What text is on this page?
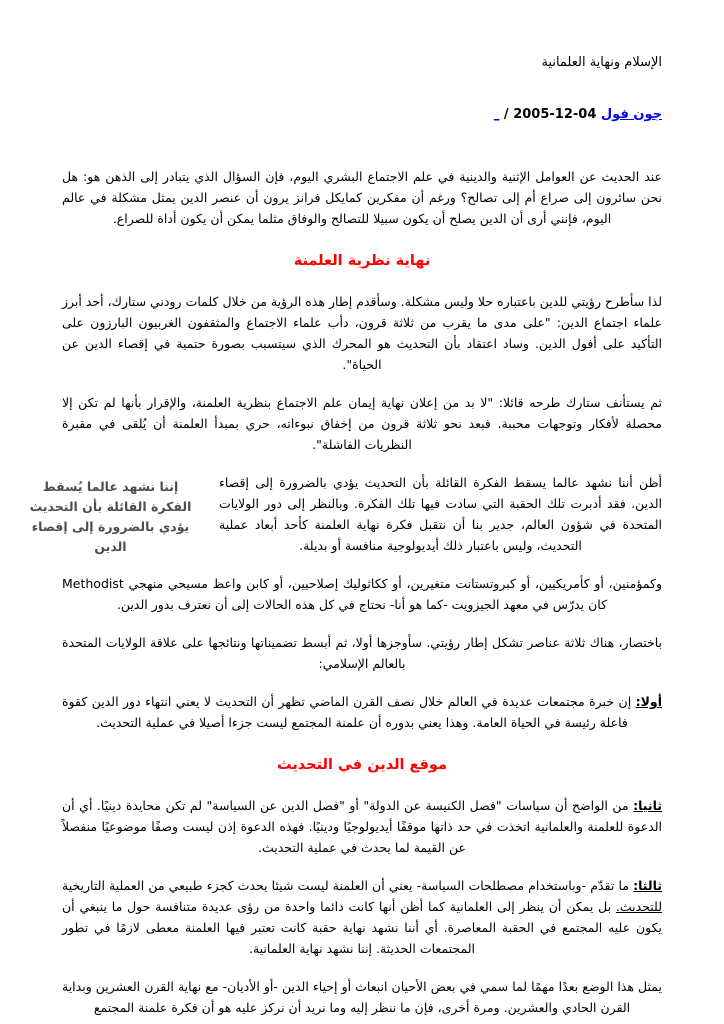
الإسلام ونهاية العلمانية
جون فول 04-12-2005 / _

عند الحديث عن العوامل الإثنية والدينية في علم الاجتماع البشري اليوم، فإن السؤال الذي يتبادر إلى الذهن هو: هل نحن سائرون إلى صراع أم إلى تصالح؟ ورغم أن مفكرين كمايكل فرانز يرون أن عنصر الدين يمثل مشكلة في عالم اليوم، فإنني أرى أن الدين يصلح أن يكون سبيلا للتصالح والوفاق مثلما يمكن أن يكون أداة للصراع.

نهاية نظرية العلمنة

لذا سأطرح رؤيتي للدين باعتباره حلا وليس مشكلة. وسأقدم إطار هذه الرؤية من خلال كلمات رودني ستارك، أحد أبرز علماء اجتماع الدين: "على مدى ما يقرب من ثلاثة قرون، دأب علماء الاجتماع والمثقفون الغربيون البارزون على التأكيد على أفول الدين. وساد اعتقاد بأن التحديث هو المحرك الذي سيتسبب بصورة حتمية في إقصاء الدين عن الحياة".

ثم يستأنف ستارك طرحه قائلا: "لا بد من إعلان نهاية إيمان علم الاجتماع بنظرية العلمنة، والإقرار بأنها لم تكن إلا محصلة لأفكار وتوجهات محببة. فبعد نحو ثلاثة قرون من إخفاق نبوءاته، حري بمبدأ العلمنة أن يُلقى في مقبرة النظريات الفاشلة".

إننا نشهد عالما يُسقط الفكرة القائلة بأن التحديث يؤدي بالضرورة إلى إقصاء الدين

أظن أننا نشهد عالما يسقط الفكرة القائلة بأن التحديث يؤدي بالضرورة إلى إقصاء الدين. فقد أدبرت تلك الحقبة التي سادت فيها تلك الفكرة. وبالنظر إلى دور الولايات المتحدة في شؤون العالم، جدير بنا أن نتقبل فكرة نهاية العلمنة كأحد أبعاد عملية التحديث، وليس باعتبار ذلك أيديولوجية منافسة أو بديلة.

وكمؤمنين، أو كأمريكيين، أو كبروتستانت متغيرين، أو ككاثوليك إصلاحيين، أو كابن واعظ مسيحي منهجي Methodist كان يدرّس في معهد الجيزويت -كما هو أنا- نحتاج في كل هذه الحالات إلى أن نعترف بدور الدين.

باختصار، هناك ثلاثة عناصر تشكل إطار رؤيتي. سأوجزها أولا، ثم أبسط تضميناتها ونتائجها على علاقة الولايات المتحدة بالعالم الإسلامي:

أولا: إن خبرة مجتمعات عديدة في العالم خلال نصف القرن الماضي تظهر أن التحديث لا يعني انتهاء دور الدين كقوة فاعلة رئيسة في الحياة العامة. وهذا يعني بدوره أن علمنة المجتمع ليست جزءا أصيلا في عملية التحديث.

موقع الدين في التحديث

ثانيا: من الواضح أن سياسات "فصل الكنيسة عن الدولة" أو "فصل الدين عن السياسة" لم تكن محايدة دينيًا. أي أن الدعوة للعلمنة والعلمانية اتخذت في حد ذاتها موقفًا أيديولوجيًا ودينيًا. فهذه الدعوة إذن ليست وصفًا موضوعيًا منفصلاً عن القيمة لما يحدث في عملية التحديث.

ثالثا: ما تقدّم -وباستخدام مصطلحات السياسة- يعني أن العلمنة ليست شيئا يحدث كجزء طبيعي من العملية التاريخية للتحديث. بل يمكن أن ينظر إلى العلمانية كما أظن أنها كانت دائما واحدة من رؤى عديدة متنافسة حول ما ينبغي أن يكون عليه المجتمع في الحقبة المعاصرة. أي أننا نشهد نهاية حقبة كانت تعتبر فيها العلمنة معطى لازمًا في تطور المجتمعات الحديثة. إننا نشهد نهاية العلمانية.

يمثل هذا الوضع بعدًا مهمًا لما سمي في بعض الأحيان انبعاث أو إحياء الدين -أو الأديان- مع نهاية القرن العشرين وبداية القرن الحادي والعشرين. ومرة أخرى، فإن ما ننظر إليه وما نريد أن نركز عليه هو أن فكرة علمنة المجتمع
